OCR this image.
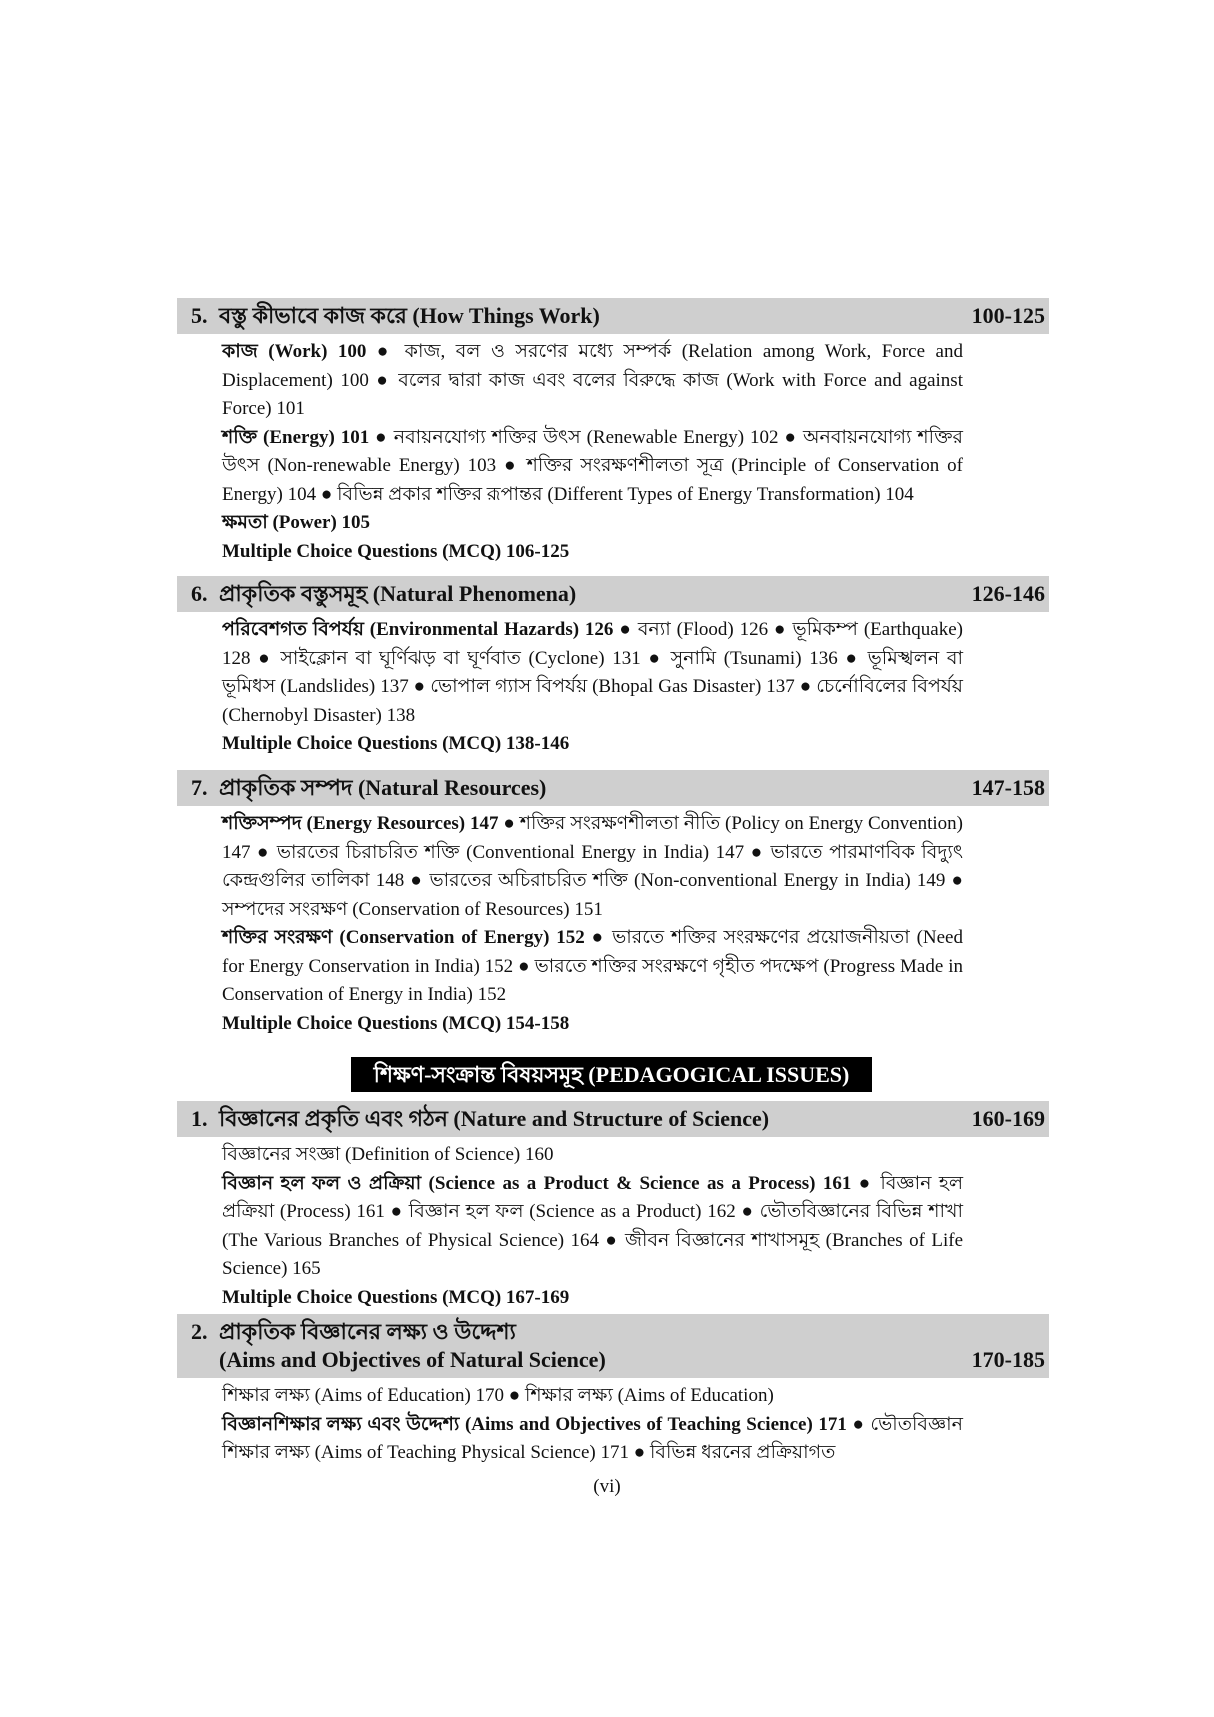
5. বস্তু কীভাবে কাজ করে (How Things Work)	100-125

কাজ (Work) 100 ● কাজ, বল ও সরণের মধ্যে সম্পর্ক (Relation among Work, Force and Displacement) 100 ● বলের দ্বারা কাজ এবং বলের বিরুদ্ধে কাজ (Work with Force and against Force) 101

শক্তি (Energy) 101 ● নবায়নযোগ্য শক্তির উৎস (Renewable Energy) 102 ● অনবায়নযোগ্য শক্তির উৎস (Non-renewable Energy) 103 ● শক্তির সংরক্ষণশীলতা সূত্র (Principle of Conservation of Energy) 104 ● বিভিন্ন প্রকার শক্তির রূপান্তর (Different Types of Energy Transformation) 104

ক্ষমতা (Power) 105

Multiple Choice Questions (MCQ) 106-125

6. প্রাকৃতিক বস্তুসমূহ (Natural Phenomena)	126-146

পরিবেশগত বিপর্যয় (Environmental Hazards) 126 ● বন্যা (Flood) 126 ● ভূমিকম্প (Earthquake) 128 ● সাইক্লোন বা ঘূর্ণিঝড় বা ঘূর্ণবাত (Cyclone) 131 ● সুনামি (Tsunami) 136 ● ভূমিস্খলন বা ভূমিধস (Landslides) 137 ● ভোপাল গ্যাস বিপর্যয় (Bhopal Gas Disaster) 137 ● চের্নোবিলের বিপর্যয় (Chernobyl Disaster) 138

Multiple Choice Questions (MCQ) 138-146

7. প্রাকৃতিক সম্পদ (Natural Resources)	147-158

শক্তিসম্পদ (Energy Resources) 147 ● শক্তির সংরক্ষণশীলতা নীতি (Policy on Energy Convention) 147 ● ভারতের চিরাচরিত শক্তি (Conventional Energy in India) 147 ● ভারতে পারমাণবিক বিদ্যুৎ কেন্দ্রগুলির তালিকা 148 ● ভারতের অচিরাচরিত শক্তি (Non-conventional Energy in India) 149 ● সম্পদের সংরক্ষণ (Conservation of Resources) 151

শক্তির সংরক্ষণ (Conservation of Energy) 152 ● ভারতে শক্তির সংরক্ষণের প্রয়োজনীয়তা (Need for Energy Conservation in India) 152 ● ভারতে শক্তির সংরক্ষণে গৃহীত পদক্ষেপ (Progress Made in Conservation of Energy in India) 152

Multiple Choice Questions (MCQ) 154-158

1. বিজ্ঞানের প্রকৃতি এবং গঠন (Nature and Structure of Science)	160-169

বিজ্ঞানের সংজ্ঞা (Definition of Science) 160

বিজ্ঞান হল ফল ও প্রক্রিয়া (Science as a Product & Science as a Process) 161 ● বিজ্ঞান হল প্রক্রিয়া (Process) 161 ● বিজ্ঞান হল ফল (Science as a Product) 162 ● ভৌতবিজ্ঞানের বিভিন্ন শাখা (The Various Branches of Physical Science) 164 ● জীবন বিজ্ঞানের শাখাসমূহ (Branches of Life Science) 165

Multiple Choice Questions (MCQ) 167-169

2. প্রাকৃতিক বিজ্ঞানের লক্ষ্য ও উদ্দেশ্য
(Aims and Objectives of Natural Science)	170-185

শিক্ষার লক্ষ্য (Aims of Education) 170 ● শিক্ষার লক্ষ্য (Aims of Education)

বিজ্ঞানশিক্ষার লক্ষ্য এবং উদ্দেশ্য (Aims and Objectives of Teaching Science) 171 ● ভৌতবিজ্ঞান শিক্ষার লক্ষ্য (Aims of Teaching Physical Science) 171 ● বিভিন্ন ধরনের প্রক্রিয়াগত

শিক্ষণ-সংক্রান্ত বিষয়সমূহ (PEDAGOGICAL ISSUES)
(vi)
